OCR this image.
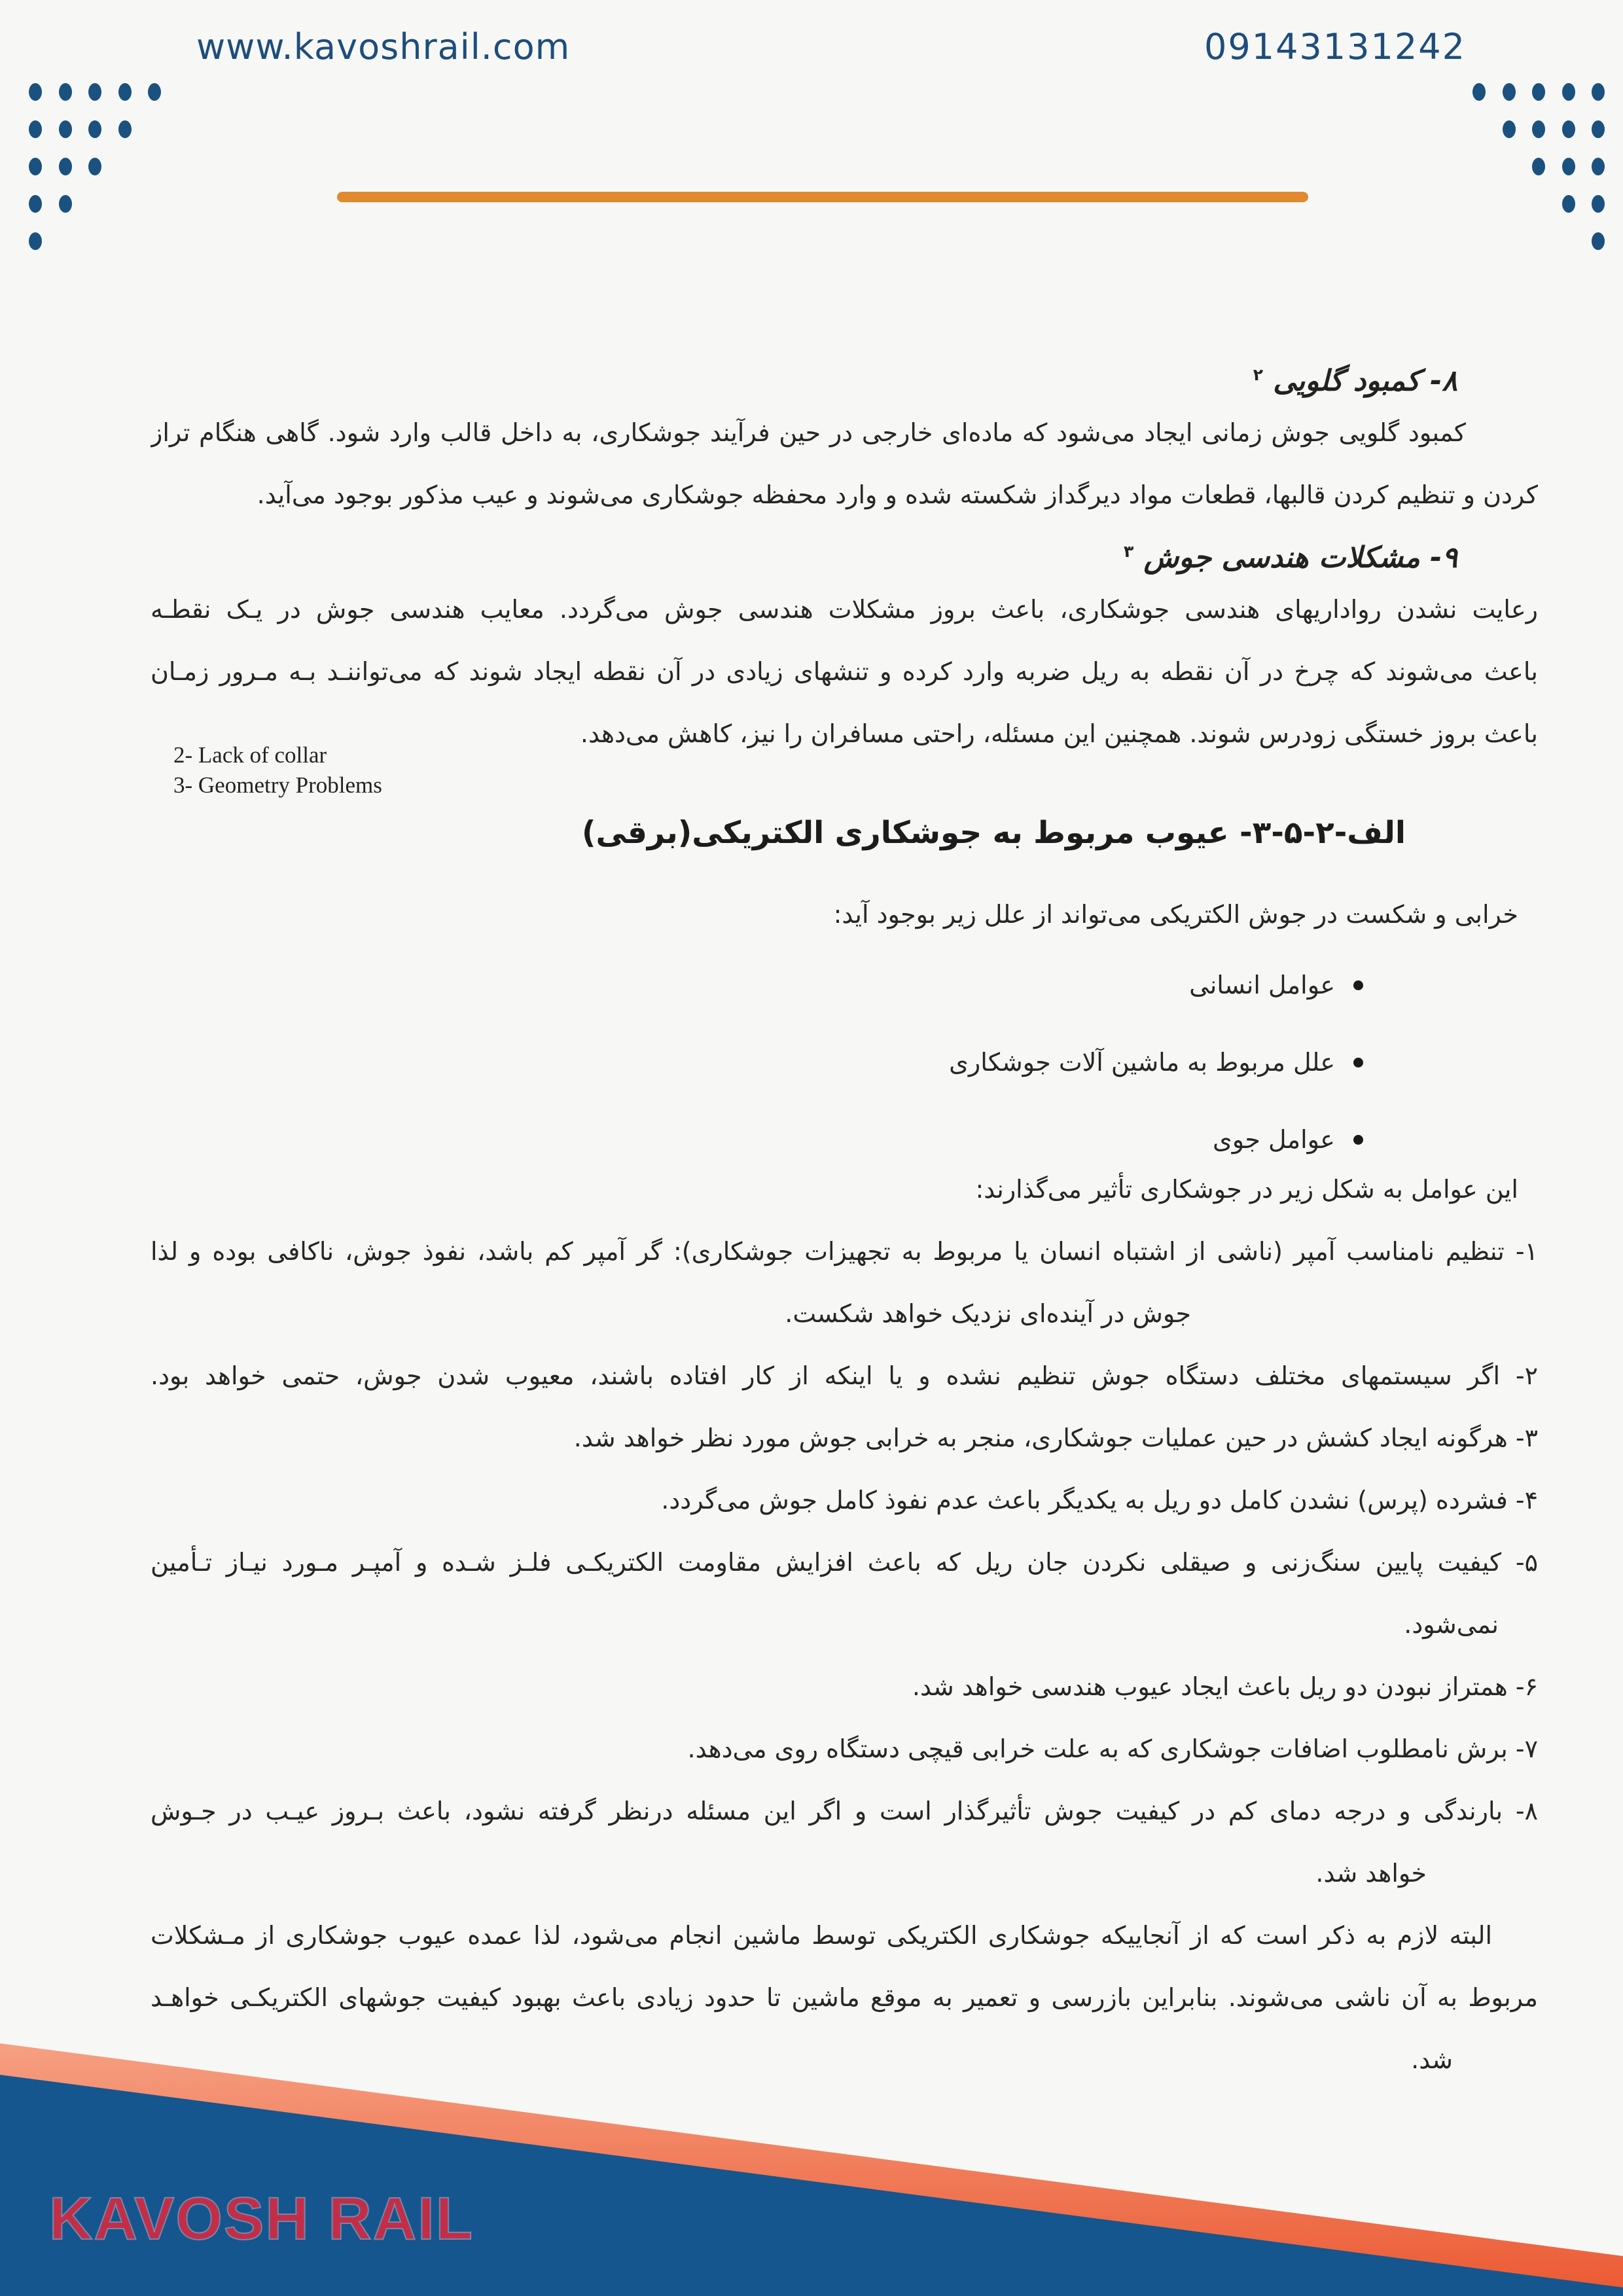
www.kavoshrail.com	09143131242
۸- کمبود گلویی $^۲$
کمبود گلویی جوش زمانی ایجاد می‌شود که ماده‌ای خارجی در حین فرآیند جوشکاری، به داخل قالب وارد شود. گاهی هنگام تراز
کردن و تنظیم کردن قالبها، قطعات مواد دیرگداز شکسته شده و وارد محفظه جوشکاری می‌شوند و عیب مذکور بوجود می‌آید.
۹- مشکلات هندسی جوش $^۳$
رعایت نشدن رواداریهای هندسی جوشکاری، باعث بروز مشکلات هندسی جوش می‌گردد. معایب هندسی جوش در یـک نقطـه
باعث می‌شوند که چرخ در آن نقطه به ریل ضربه وارد کرده و تنشهای زیادی در آن نقطه ایجاد شوند که می‌تواننـد بـه مـرور زمـان
باعث بروز خستگی زودرس شوند. همچنین این مسئله، راحتی مسافران را نیز، کاهش می‌دهد.
2- Lack of collar
3- Geometry Problems
الف-۲-۵-۳- عیوب مربوط به جوشکاری الکتریکی(برقی)
خرابی و شکست در جوش الکتریکی می‌تواند از علل زیر بوجود آید:
عوامل انسانی
علل مربوط به ماشین آلات جوشکاری
عوامل جوی
این عوامل به شکل زیر در جوشکاری تأثیر می‌گذارند:
۱- تنظیم نامناسب آمپر (ناشی از اشتباه انسان یا مربوط به تجهیزات جوشکاری): گر آمپر کم باشد، نفوذ جوش، ناکافی بوده و لذا
جوش در آینده‌ای نزدیک خواهد شکست.
۲- اگر سیستمهای مختلف دستگاه جوش تنظیم نشده و یا اینکه از کار افتاده باشند، معیوب شدن جوش، حتمی خواهد بود.
۳- هرگونه ایجاد کشش در حین عملیات جوشکاری، منجر به خرابی جوش مورد نظر خواهد شد.
۴- فشرده (پرس) نشدن کامل دو ریل به یکدیگر باعث عدم نفوذ کامل جوش می‌گردد.
۵- کیفیت پایین سنگ‌زنی و صیقلی نکردن جان ریل که باعث افزایش مقاومت الکتریکـی فلـز شـده و آمپـر مـورد نیـاز تـأمین
نمی‌شود.
۶- همتراز نبودن دو ریل باعث ایجاد عیوب هندسی خواهد شد.
۷- برش نامطلوب اضافات جوشکاری که به علت خرابی قیچی دستگاه روی می‌دهد.
۸- بارندگی و درجه دمای کم در کیفیت جوش تأثیرگذار است و اگر این مسئله درنظر گرفته نشود، باعث بـروز عیـب در جـوش
خواهد شد.
البته لازم به ذکر است که از آنجاییکه جوشکاری الکتریکی توسط ماشین انجام می‌شود، لذا عمده عیوب جوشکاری از مـشکلات
مربوط به آن ناشی می‌شوند. بنابراین بازرسی و تعمیر به موقع ماشین تا حدود زیادی باعث بهبود کیفیت جوشهای الکتریکـی خواهـد
شد.
KAVOSH RAIL
